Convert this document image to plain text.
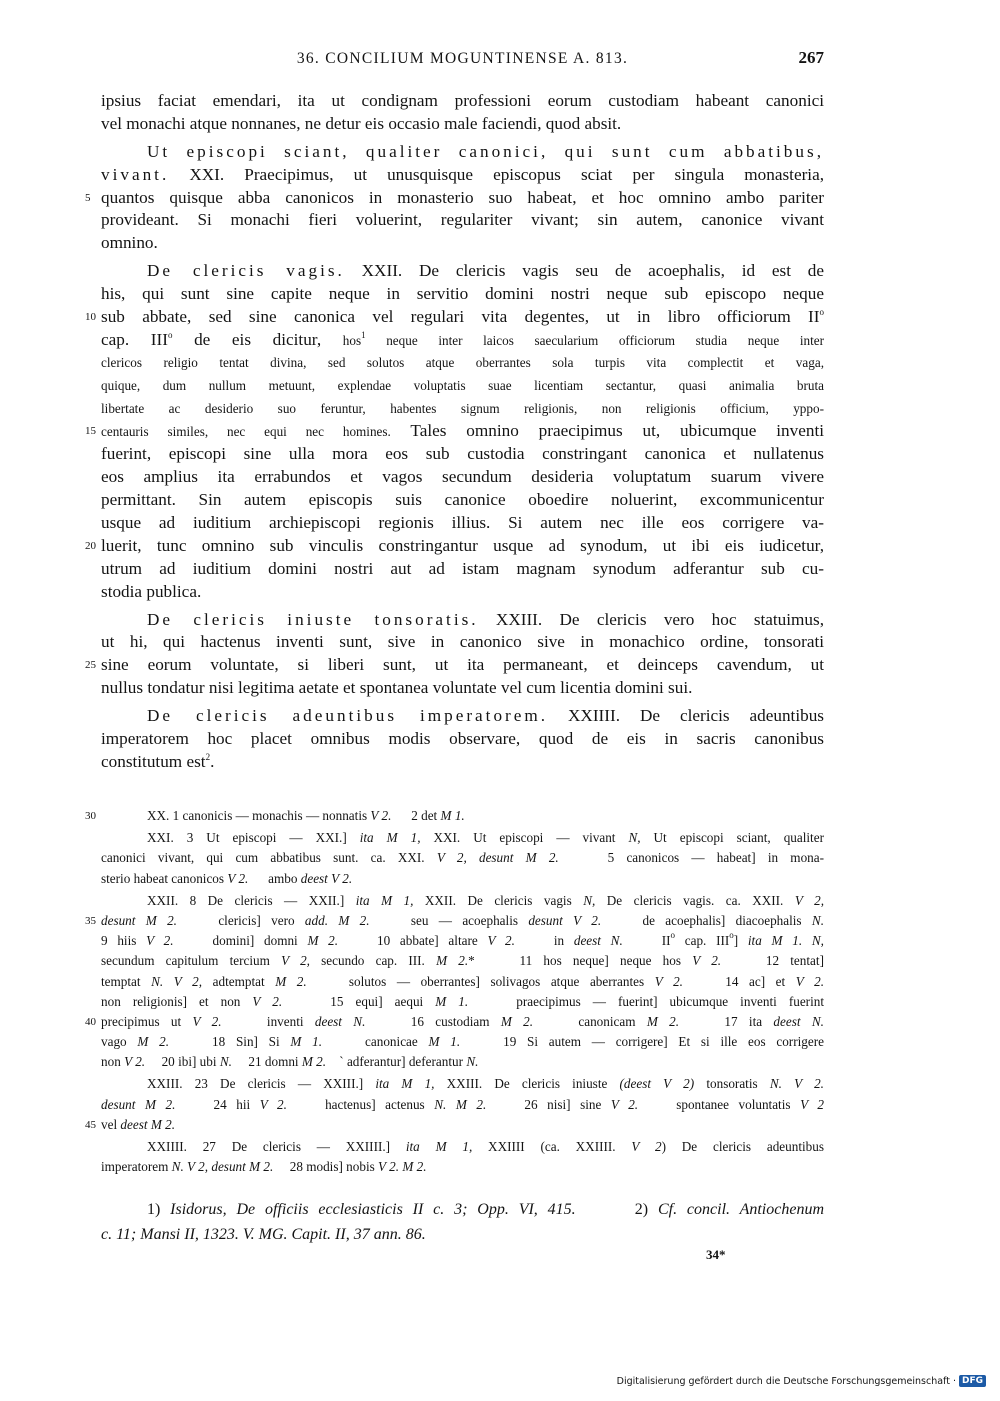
36. CONCILIUM MOGUNTINENSE A. 813.	267
ipsius faciat emendari, ita ut condignam professioni eorum custodiam habeant canonici
vel monachi atque nonnanes, ne detur eis occasio male faciendi, quod absit.
Ut episcopi sciant, qualiter canonici, qui sunt cum abbatibus,
vivant. XXI. Praecipimus, ut unusquisque episcopus sciat per singula monasteria,
5 quantos quisque abba canonicos in monasterio suo habeat, et hoc omnino ambo pariter
provideant. Si monachi fieri voluerint, regulariter vivant; sin autem, canonice vivant
omnino.
De clericis vagis. XXII. De clericis vagis seu de acoephalis, id est de
his, qui sunt sine capite neque in servitio domini nostri neque sub episcopo neque
10 sub abbate, sed sine canonica vel regulari vita degentes, ut in libro officiorum $II^o$
cap. III$^o$ de eis dicitur, hos$^1$ neque inter laicos saecularium officiorum studia neque inter
clericos religio tentat divina, sed solutos atque oberrantes sola turpis vita complectit et vaga,
quique, dum nullum metuunt, explendae voluptatis suae licentiam sectantur, quasi animalia bruta
libertate ac desiderio suo feruntur, habentes signum religionis, non religionis officium, yppo-
15 centauris similes, nec equi nec homines. Tales omnino praecipimus ut, ubicumque inventi
fuerint, episcopi sine ulla mora eos sub custodia constringant canonica et nullatenus
eos amplius ita errabundos et vagos secundum desideria voluptatum suarum vivere
permittant. Sin autem episcopis suis canonice oboedire noluerint, excommunicentur
usque ad iuditium archiepiscopi regionis illius. Si autem nec ille eos corrigere va-
20 luerit, tunc omnino sub vinculis constringantur usque ad synodum, ut ibi eis iudicetur,
utrum ad iuditium domini nostri aut ad istam magnam synodum adferantur sub cu-
stodia publica.
De clericis iniuste tonsoratis. XXIII. De clericis vero hoc statuimus,
ut hi, qui hactenus inventi sunt, sive in canonico sive in monachico ordine, tonsorati
25 sine eorum voluntate, si liberi sunt, ut ita permaneant, et deinceps cavendum, ut
nullus tondatur nisi legitima aetate et spontanea voluntate vel cum licentia domini sui.
De clericis adeuntibus imperatorem. XXIIII. De clericis adeuntibus
imperatorem hoc placet omnibus modis observare, quod de eis in sacris canonibus
constitutum est$^2$.
30	XX. 1 canonicis — monachis — nonnatis V 2.      2 det M 1.
XXI. 3 Ut episcopi — XXI.] ita M 1, XXI. Ut episcopi — vivant N, Ut episcopi sciant, qualiter
canonici vivant, qui cum abbatibus sunt. ca. XXI. V 2, desunt M 2.    5 canonicos — habeat] in mona-
sterio habeat canonicos V 2.      ambo deest V 2.
XXII. 8 De clericis — XXII.] ita M 1, XXII. De clericis vagis N, De clericis vagis. ca. XXII. V 2,
35 desunt M 2.    clericis] vero add. M 2.    seu — acoephalis desunt V 2.    de acoephalis] diacoephalis N.
9 hiis V 2.    domini] domni M 2.    10 abbate] altare V 2.    in deest N.    $II^o$ cap. III$^o$] ita M 1. N,
secundum capitulum tercium V 2, secundo cap. III. M 2.*    11 hos neque] neque hos V 2.    12 tentat]
temptat N. V 2, adtemptat M 2.    solutos — oberrantes] solivagos atque aberrantes V 2.    14 ac] et V 2.
non religionis] et non V 2.    15 equi] aequi M 1.    praecipimus — fuerint] ubicumque inventi fuerint
40 precipimus ut V 2.    inventi deest N.    16 custodiam M 2.    canonicam M 2.    17 ita deest N.
vago M 2.    18 Sin] Si M 1.    canonicae M 1.    19 Si autem — corrigere] Et si ille eos corrigere
non V 2.     20 ibi] ubi N.     21 domni M 2.    ` adferantur] deferantur N.
XXIII. 23 De clericis — XXIII.] ita M 1, XXIII. De clericis iniuste (deest V 2) tonsoratis N. V 2.
desunt M 2.    24 hii V 2.    hactenus] actenus N. M 2.    26 nisi] sine V 2.    spontanee voluntatis V 2
45 vel deest M 2.
XXIIII. 27 De clericis — XXIIII.] ita M 1, XXIIII (ca. XXIIII. V 2) De clericis adeuntibus
imperatorem N. V 2, desunt M 2.     28 modis] nobis V 2. M 2.
1) Isidorus, De officiis ecclesiasticis II c. 3; Opp. VI, 415.      2) Cf. concil. Antiochenum
c. 11; Mansi II, 1323. V. MG. Capit. II, 37 ann. 86.
34*
Digitalisierung gefördert durch die Deutsche Forschungsgemeinschaft · DFG
